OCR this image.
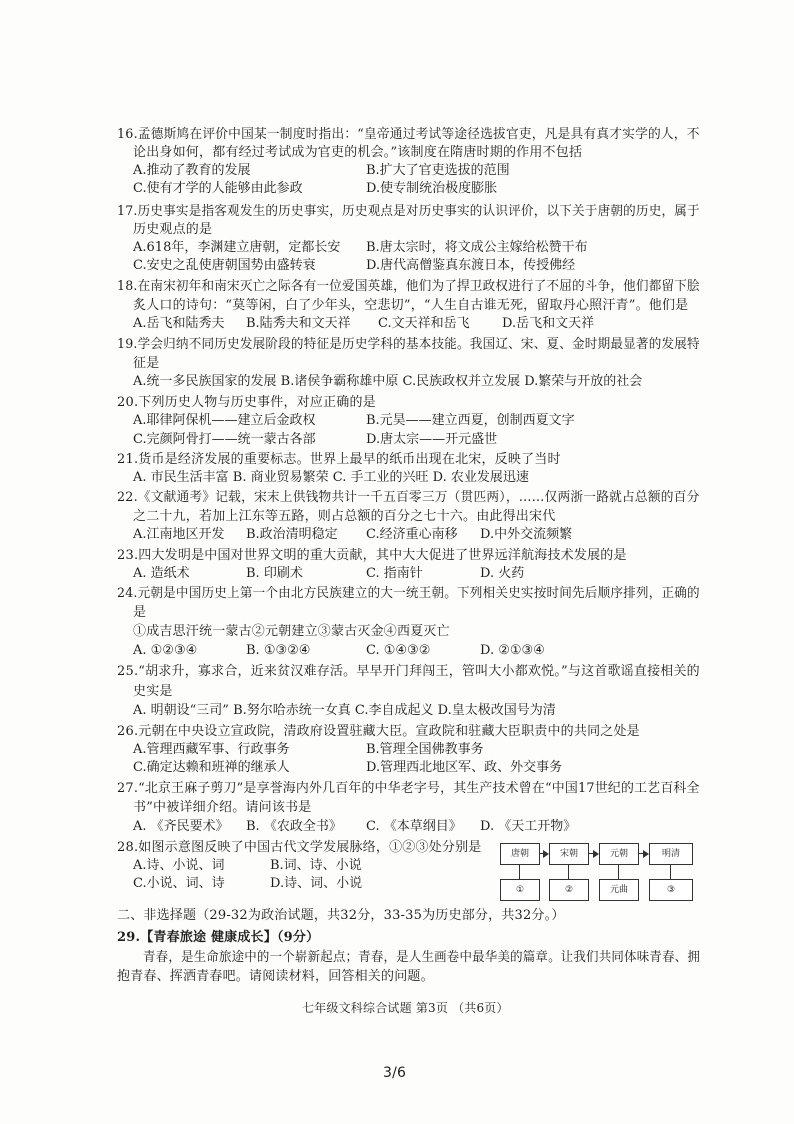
16.孟德斯鸠在评价中国某一制度时指出：“皇帝通过考试等途径选拔官吏，凡是具有真才实学的人，不
论出身如何，都有经过考试成为官吏的机会。”该制度在隋唐时期的作用不包括
A.推动了教育的发展	B.扩大了官吏选拔的范围
C.使有才学的人能够由此参政	D.使专制统治极度膨胀
17.历史事实是指客观发生的历史事实，历史观点是对历史事实的认识评价，以下关于唐朝的历史，属于
历史观点的是
A.618年，李渊建立唐朝，定都长安 B.唐太宗时，将文成公主嫁给松赞干布
C.安史之乱使唐朝国势由盛转衰	D.唐代高僧鉴真东渡日本，传授佛经
18.在南宋初年和南宋灭亡之际各有一位爱国英雄，他们为了捍卫政权进行了不屈的斗争，他们都留下脍
炙人口的诗句：“莫等闲，白了少年头，空悲切”，“人生自古谁无死，留取丹心照汗青”。他们是
A.岳飞和陆秀夫 B.陆秀夫和文天祥 C.文天祥和岳飞 D.岳飞和文天祥
19.学会归纳不同历史发展阶段的特征是历史学科的基本技能。我国辽、宋、夏、金时期最显著的发展特
征是
A.统一多民族国家的发展 B.诸侯争霸称雄中原 C.民族政权并立发展 D.繁荣与开放的社会
20.下列历史人物与历史事件，对应正确的是
A.耶律阿保机——建立后金政权	B.元昊——建立西夏，创制西夏文字
C.完颜阿骨打——统一蒙古各部	D.唐太宗——开元盛世
21.货币是经济发展的重要标志。世界上最早的纸币出现在北宋，反映了当时
A. 市民生活丰富 B. 商业贸易繁荣 C. 手工业的兴旺 D. 农业发展迅速
22.《文献通考》记载，宋末上供钱物共计一千五百零三万（贯匹两），……仅两浙一路就占总额的百分
之二十九，若加上江东等五路，则占总额的百分之七十六。由此得出宋代
A.江南地区开发 B.政治清明稳定 C.经济重心南移 D.中外交流频繁
23.四大发明是中国对世界文明的重大贡献，其中大大促进了世界远洋航海技术发展的是
A. 造纸术	B. 印刷术	C. 指南针	D. 火药
24.元朝是中国历史上第一个由北方民族建立的大一统王朝。下列相关史实按时间先后顺序排列，正确的
是
①成吉思汗统一蒙古②元朝建立③蒙古灭金④西夏灭亡
A. ①②③④	B. ①③②④	C. ①④③②	D. ②①③④
25.“胡求升，寡求合，近来贫汉难存活。早早开门拜闯王，管叫大小都欢悦。”与这首歌谣直接相关的
史实是
A. 明朝设“三司” B.努尔哈赤统一女真 C.李自成起义 D.皇太极改国号为清
26.元朝在中央设立宣政院，清政府设置驻藏大臣。宣政院和驻藏大臣职责中的共同之处是
A.管理西藏军事、行政事务	B.管理全国佛教事务
C.确定达赖和班禅的继承人	D.管理西北地区军、政、外交事务
27.“北京王麻子剪刀”是享誉海内外几百年的中华老字号，其生产技术曾在“中国17世纪的工艺百科全
书”中被详细介绍。请问该书是
A. 《齐民要术》 B. 《农政全书》 C. 《本草纲目》 D. 《天工开物》
28.如图示意图反映了中国古代文学发展脉络，①②③处分别是
A.诗、小说、词	B.词、诗、小说
C.小说、词、诗	D.诗、词、小说
唐朝	宋朝	元朝	明清
①	②	元曲	③
二、非选择题（29-32为政治试题，共32分，33-35为历史部分，共32分。）
29.【青春旅途 健康成长】（9分）
青春，是生命旅途中的一个崭新起点；青春，是人生画卷中最华美的篇章。让我们共同体味青春、拥
抱青春、挥洒青春吧。请阅读材料，回答相关的问题。
七年级文科综合试题 第3页 （共6页）
3/6
